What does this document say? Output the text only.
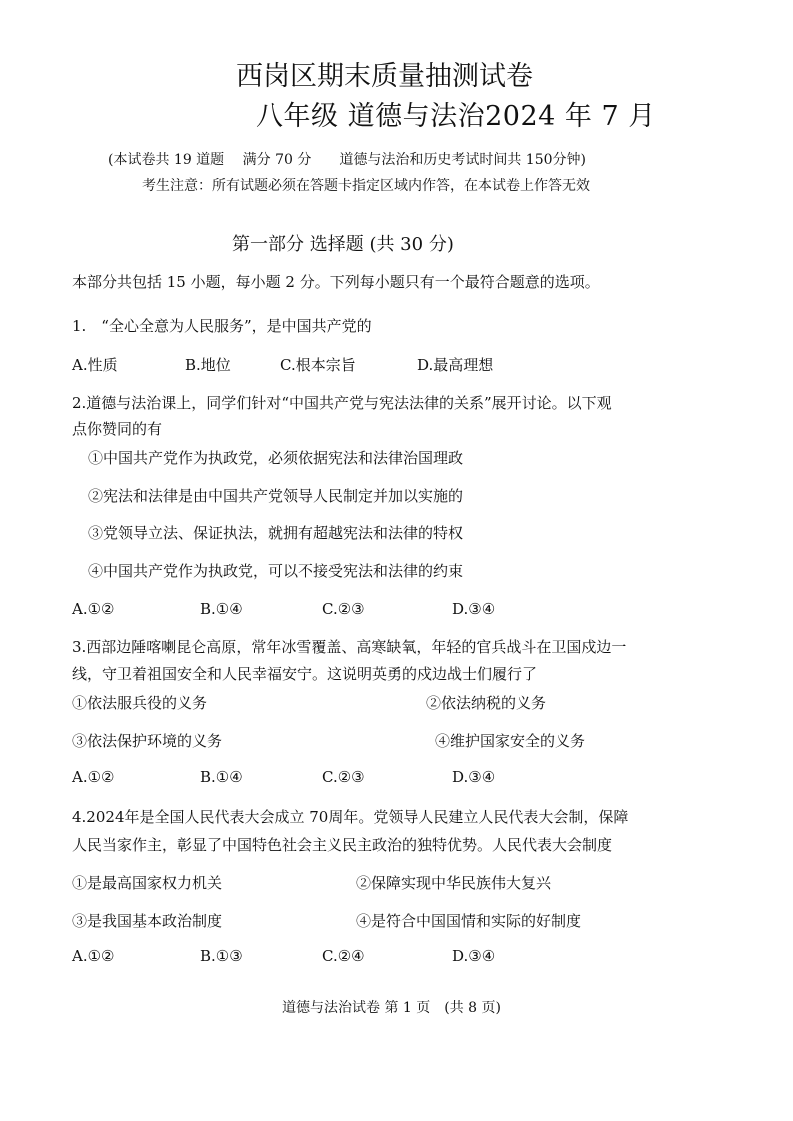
西岗区期末质量抽测试卷
八年级 道德与法治2024 年 7 月
(本试卷共 19 道题　 满分 70 分　　道德与法治和历史考试时间共 150分钟)
考生注意：所有试题必须在答题卡指定区域内作答，在本试卷上作答无效
第一部分 选择题 (共 30 分)
本部分共包括 15 小题，每小题 2 分。下列每小题只有一个最符合题意的选项。
1.　“全心全意为人民服务”，是中国共产党的
A.性质	B.地位	C.根本宗旨	D.最高理想
2.道德与法治课上，同学们针对“中国共产党与宪法法律的关系”展开讨论。以下观
点你赞同的有
①中国共产党作为执政党，必须依据宪法和法律治国理政
②宪法和法律是由中国共产党领导人民制定并加以实施的
③党领导立法、保证执法，就拥有超越宪法和法律的特权
④中国共产党作为执政党，可以不接受宪法和法律的约束
A.①②	B.①④	C.②③	D.③④
3.西部边陲喀喇昆仑高原，常年冰雪覆盖、高寒缺氧，年轻的官兵战斗在卫国戍边一
线，守卫着祖国安全和人民幸福安宁。这说明英勇的戍边战士们履行了
①依法服兵役的义务	②依法纳税的义务
③依法保护环境的义务	④维护国家安全的义务
A.①②	B.①④	C.②③	D.③④
4.2024年是全国人民代表大会成立 70周年。党领导人民建立人民代表大会制，保障
人民当家作主，彰显了中国特色社会主义民主政治的独特优势。人民代表大会制度
①是最高国家权力机关	②保障实现中华民族伟大复兴
③是我国基本政治制度	④是符合中国国情和实际的好制度
A.①②	B.①③	C.②④	D.③④
道德与法治试卷 第 1 页　(共 8 页)
